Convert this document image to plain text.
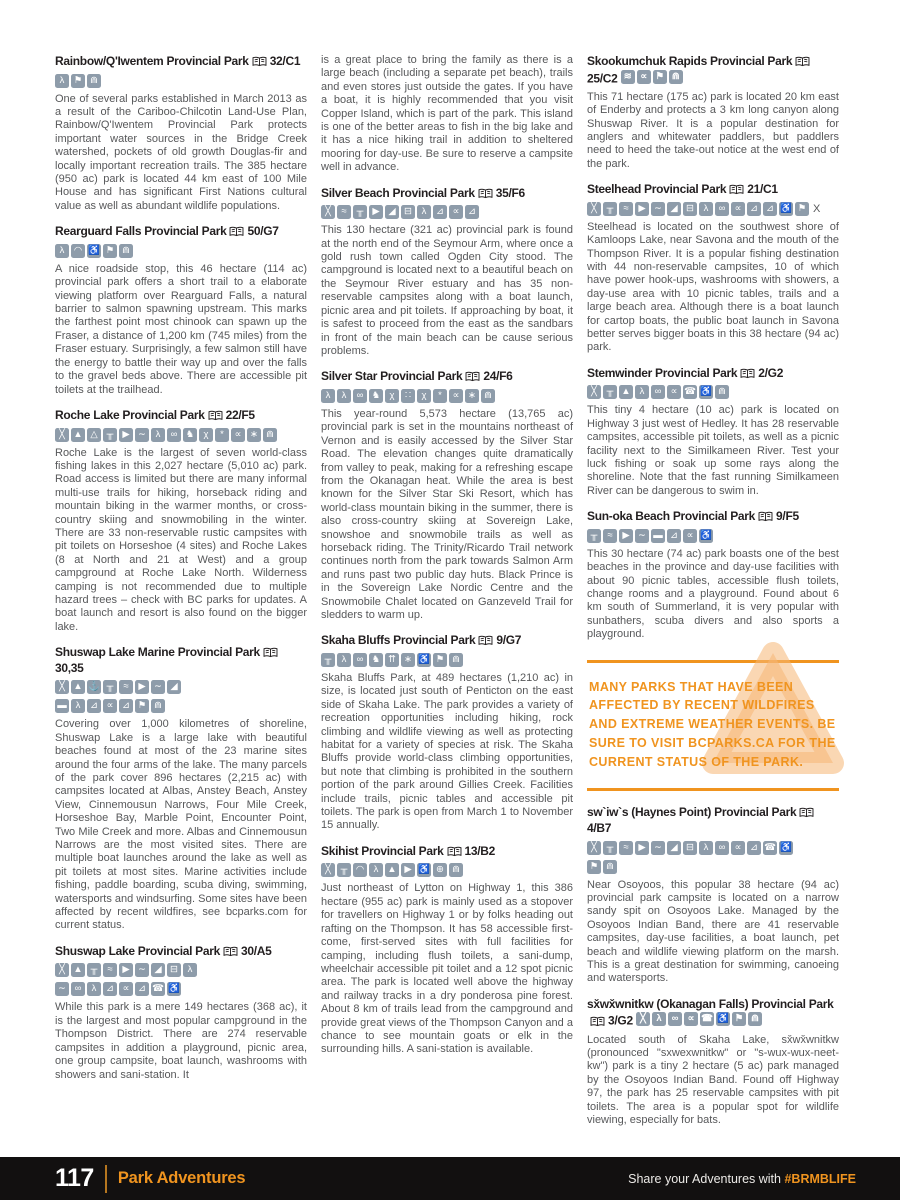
Rainbow/Q'Iwentem Provincial Park 32/C1
λ ⚑ ⋒

One of several parks established in March 2013 as a result of the Cariboo-Chilcotin Land-Use Plan, Rainbow/Q'Iwentem Provincial Park protects important water sources in the Bridge Creek watershed, pockets of old growth Douglas-fir and locally important recreation trails. The 385 hectare (950 ac) park is located 44 km east of 100 Mile House and has significant First Nations cultural value as well as abundant wildlife populations.

Rearguard Falls Provincial Park 50/G7
λ ◠ ♿ ⚑ ⋒

A nice roadside stop, this 46 hectare (114 ac) provincial park offers a short trail to a elaborate viewing platform over Rearguard Falls, a natural barrier to salmon spawning upstream. This marks the farthest point most chinook can spawn up the Fraser, a distance of 1,200 km (745 miles) from the Fraser estuary. Surprisingly, a few salmon still have the energy to battle their way up and over the falls to the gravel beds above. There are accessible pit toilets at the trailhead.

Roche Lake Provincial Park 22/F5
╳ ▲ △ ╥ ▶ ∼	λ	∞ ♞ χ	*	∝ ∗ ⋒

Roche Lake is the largest of seven world-class fishing lakes in this 2,027 hectare (5,010 ac) park. Road access is limited but there are many informal multi-use trails for hiking, horseback riding and mountain biking in the warmer months, or cross-country skiing and snowmobiling in the winter. There are 33 non-reservable rustic campsites with pit toilets on Horseshoe (4 sites) and Roche Lakes (8 at North and 21 at West) and a group campground at Roche Lake North. Wilderness camping is not recommended due to multiple hazard trees – check with BC parks for updates. A boat launch and resort is also found on the bigger lake.

Shuswap Lake Marine Provincial Park30,35
╳ ▲ ⚓ ╥	≈	▶ ∼ ◢
▬ λ	⊿ ∝ ⊿ ⚑ ⋒

Covering over 1,000 kilometres of shoreline, Shuswap Lake is a large lake with beautiful beaches found at most of the 23 marine sites around the four arms of the lake. The many parcels of the park cover 896 hectares (2,215 ac) with campsites located at Albas, Anstey Beach, Anstey View, Cinnemousun Narrows, Four Mile Creek, Horseshoe Bay, Marble Point, Encounter Point, Two Mile Creek and more. Albas and Cinnemousun Narrows are the most visited sites. There are multiple boat launches around the lake as well as pit toilets at most sites. Marine activities include fishing, paddle boarding, scuba diving, swimming, watersports and windsurfing. Some sites have been affected by recent wildfires, see bcparks.com for current status.

Shuswap Lake Provincial Park 30/A5
╳ ▲ ╥	≈	▶ ∼ ◢ ⊟	λ
∼ ∞	λ	⊿ ∝ ⊿ ☎ ♿

While this park is a mere 149 hectares (368 ac), it is the largest and most popular campground in the Thompson District. There are 274 reservable campsites in addition a playground, picnic area, one group campsite, boat launch, washrooms with showers and sani-station. It

is a great place to bring the family as there is a large beach (including a separate pet beach), trails and even stores just outside the gates. If you have a boat, it is highly recommended that you visit Copper Island, which is part of the park. This island is one of the better areas to fish in the big lake and it has a nice hiking trail in addition to sheltered mooring for day-use. Be sure to reserve a campsite well in advance.

Silver Beach Provincial Park 35/F6
╳	≈	╥ ▶ ◢ ⊟	λ	⊿ ∝ ⊿

This 130 hectare (321 ac) provincial park is found at the north end of the Seymour Arm, where once a gold rush town called Ogden City stood. The campground is located next to a beautiful beach on the Seymour River estuary and has 35 non-reservable campsites along with a boat launch, picnic area and pit toilets. If approaching by boat, it is safest to proceed from the east as the sandbars in front of the main beach can be cause serious problems.

Silver Star Provincial Park 24/F6
λ	λ	∞ ♞ χ	∷	χ	*	∝ ∗ ⋒

This year-round 5,573 hectare (13,765 ac) provincial park is set in the mountains northeast of Vernon and is easily accessed by the Silver Star Road. The elevation changes quite dramatically from valley to peak, making for a refreshing escape from the Okanagan heat. While the area is best known for the Silver Star Ski Resort, which has world-class mountain biking in the summer, there is also cross-country skiing at Sovereign Lake, snowshoe and snowmobile trails as well as horseback riding. The Trinity/Ricardo Trail network continues north from the park towards Salmon Arm and runs past two public day huts. Black Prince is in the Sovereign Lake Nordic Centre and the Snowmobile Chalet located on Ganzeveld Trail for sledders to warm up.

Skaha Bluffs Provincial Park 9/G7
╥	λ	∞ ♞ ⇈ ∗ ♿ ⚑ ⋒

Skaha Bluffs Park, at 489 hectares (1,210 ac) in size, is located just south of Penticton on the east side of Skaha Lake. The park provides a variety of recreation opportunities including hiking, rock climbing and wildlife viewing as well as protecting habitat for a variety of species at risk. The Skaha Bluffs provide world-class climbing opportunities, but note that climbing is prohibited in the southern portion of the park around Gillies Creek. Facilities include trails, picnic tables and accessible pit toilets. The park is open from March 1 to November 15 annually.

Skihist Provincial Park 13/B2
╳	╥ ◠ λ ▲ ▶ ♿ ⊕ ⋒

Just northeast of Lytton on Highway 1, this 386 hectare (955 ac) park is mainly used as a stopover for travellers on Highway 1 or by folks heading out rafting on the Thompson. It has 58 accessible first-come, first-served sites with full facilities for camping, including flush toilets, a sani-dump, wheelchair accessible pit toilet and a 12 spot picnic area. The park is located well above the highway and railway tracks in a dry ponderosa pine forest. About 8 km of trails lead from the campground and provide great views of the Thompson Canyon and a chance to see mountain goats or elk in the surrounding hills. A sani-station is available.

Skookumchuk Rapids Provincial Park25/C2 ≋ ∝ ⚑ ⋒

This 71 hectare (175 ac) park is located 20 km east of Enderby and protects a 3 km long canyon along Shuswap River. It is a popular destination for anglers and whitewater paddlers, but paddlers need to heed the take-out notice at the west end of the park.

Steelhead Provincial Park 21/C1
╳	╥	≈	▶ ∼ ◢ ⊟	λ	∞ ∝ ⊿ ⊿ ♿ ⚑ X

Steelhead is located on the southwest shore of Kamloops Lake, near Savona and the mouth of the Thompson River. It is a popular fishing destination with 44 non-reservable campsites, 10 of which have power hook-ups, washrooms with showers, a day-use area with 10 picnic tables, trails and a large beach area. Although there is a boat launch for cartop boats, the public boat launch in Savona better serves bigger boats in this 38 hectare (94 ac) park.

Stemwinder Provincial Park 2/G2
╳	╥ ▲ λ	∞ ∝ ☎ ♿ ⋒

This tiny 4 hectare (10 ac) park is located on Highway 3 just west of Hedley. It has 28 reservable campsites, accessible pit toilets, as well as a picnic facility next to the Similkameen River. Test your luck fishing or soak up some rays along the shoreline. Note that the fast running Similkameen River can be dangerous to swim in.

Sun-oka Beach Provincial Park 9/F5
╥	≈	▶ ∼ ▬ ⊿ ∝ ♿

This 30 hectare (74 ac) park boasts one of the best beaches in the province and day-use facilities with about 90 picnic tables, accessible flush toilets, change rooms and a playground. Found about 6 km south of Summerland, it is very popular with sunbathers, scuba divers and also sports a playground.

MANY PARKS THAT HAVE BEEN AFFECTED BY RECENT WILDFIRES AND EXTREME WEATHER EVENTS. BE SURE TO VISIT BCPARKS.CA FOR THE CURRENT STATUS OF THE PARK.

sw`iw`s (Haynes Point) Provincial Park4/B7
╳	╥	≈	▶ ∼ ◢ ⊟	λ	∞ ∝ ⊿ ☎ ♿
⚑ ⋒

Near Osoyoos, this popular 38 hectare (94 ac) provincial park campsite is located on a narrow sandy spit on Osoyoos Lake. Managed by the Osoyoos Indian Band, there are 41 reservable campsites, day-use facilities, a boat launch, pet beach and wildlife viewing platform on the marsh. This is a great destination for swimming, canoeing and watersports.

sx̌wx̌wnitkw (Okanagan Falls) Provincial Park3/G2 ╳ λ ∞ ∝ ☎ ♿ ⚑ ⋒

Located south of Skaha Lake, sx̌wx̌wnitkw (pronounced "sxwexwnitkw" or "s-wux-wux-neet-kw") park is a tiny 2 hectare (5 ac) park managed by the Osoyoos Indian Band. Found off Highway 97, the park has 25 reservable campsites with pit toilets. The area is a popular spot for wildlife viewing, especially for bats.

117 Park Adventures	Share your Adventures with #BRMBLIFE
